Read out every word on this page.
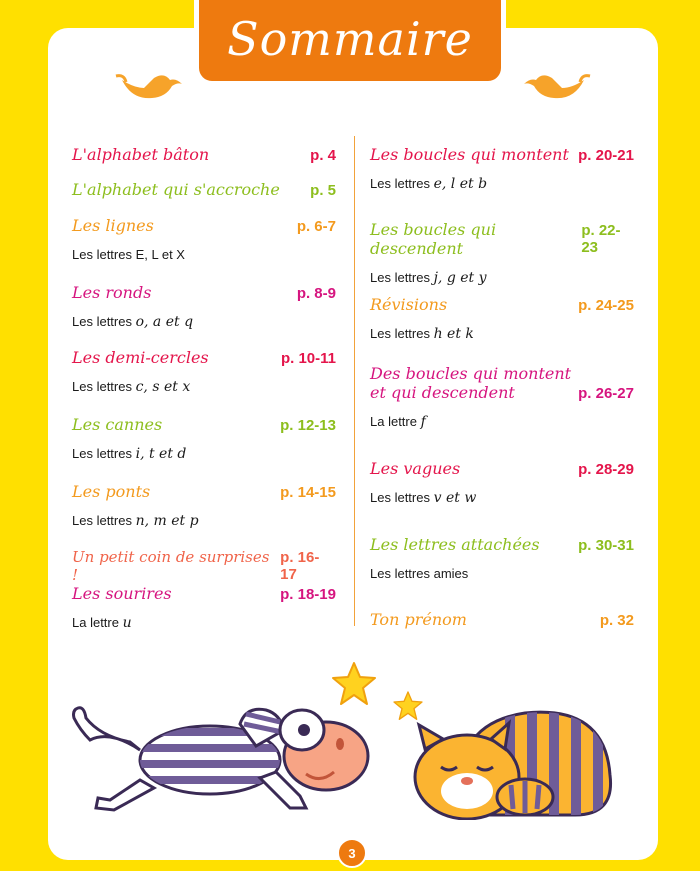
Sommaire
L'alphabet bâton	p. 4
L'alphabet qui s'accroche p. 5
Les lignes	p. 6-7
Les lettres E, L et X
Les ronds	p. 8-9
Les lettres o, a et q
Les demi-cercles	p. 10-11
Les lettres c, s et x
Les cannes	p. 12-13
Les lettres i, t et d
Les ponts	p. 14-15
Les lettres n, m et p
Un petit coin de surprises !
p. 16-17
Les sourires	p. 18-19
La lettre u
Les boucles qui montent p. 20-21
Les lettres e, l et b
Les boucles qui descendent
p. 22-23
Les lettres j, g et y
Révisions	p. 24-25
Les lettres h et k
Des boucles qui montent
et qui descendent	p. 26-27
La lettre f
Les vagues	p. 28-29
Les lettres v et w
Les lettres attachées	p. 30-31
Les lettres amies
Ton prénom	p. 32
3
